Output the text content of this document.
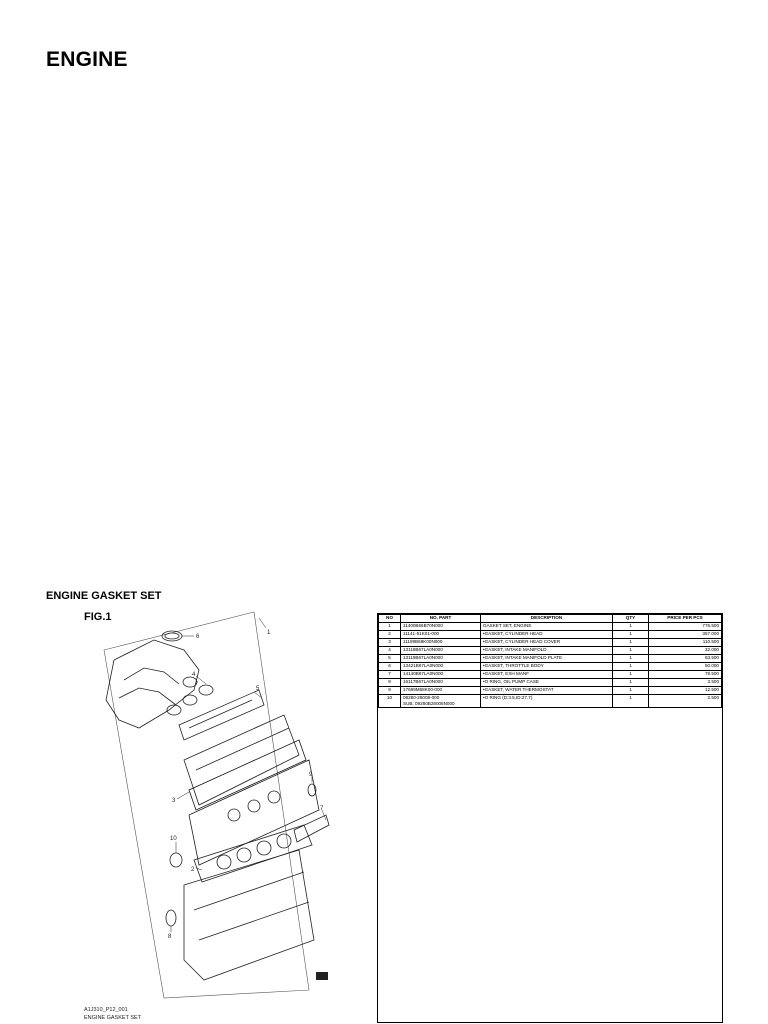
ENGINE
ENGINE GASKET SET
FIG.1
1
6
4
5
3
9
7
2
10
8
A1J310_P12_001
ENGINE GASKET SET
NO	NO. PART	DESCRIPTION	QTY	PRICE PER PCS
1	11400B66B70N000	GASKET SET, ENGINE	1	776.500
2	11141-51K01-000	•GASKET, CYLINDER HEAD	1	357.000
3	11189B68K00N000	•GASKET, CYLINDER HEAD COVER	1	110.500
4	13118B67LA0N000	•GASKET, INTAKE MANIFOLD	1	32.000
5	13119B67LA0N000	•GASKET, INTAKE MANIFOLD PLATE	1	63.500
6	13421B67LA0N000	•GASKET, THROTTLE BODY	1	50.000
7	14140B67LA0N000	•GASKET, EXH MANF	1	78.500
8	16117B67LA0N000	•O RING, OIL PUMP CASE	1	3.500
9	17699M68K00-000	•GASKET, WATER THERMOSTAT	1	12.500
10	09280-28008-000
SUB: 09280B28008N000	•O RING (D:3.5,ID:27.7)	1	2.500
